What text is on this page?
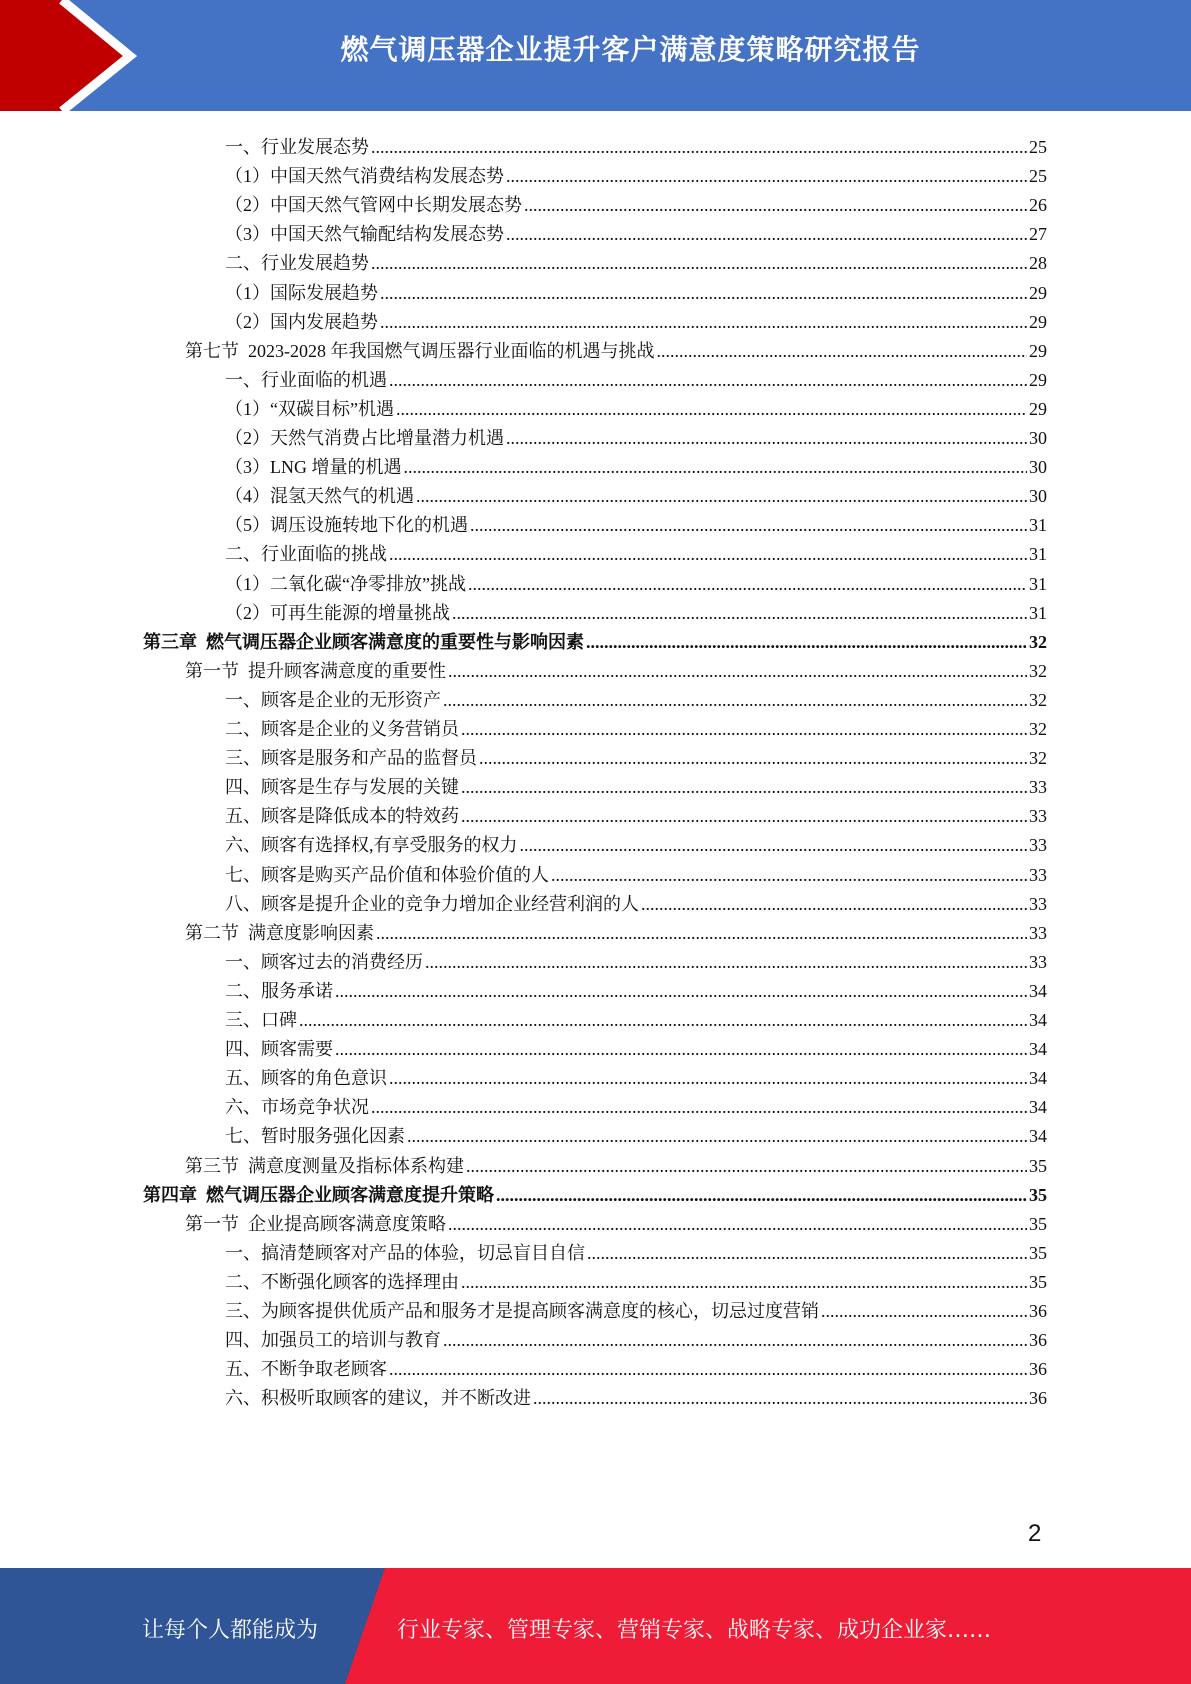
燃气调压器企业提升客户满意度策略研究报告
一、行业发展态势 .....	25
（1）中国天然气消费结构发展态势 .....	25
（2）中国天然气管网中长期发展态势 .....	26
（3）中国天然气输配结构发展态势 .....	27
二、行业发展趋势 .....	28
（1）国际发展趋势 .....	29
（2）国内发展趋势 .....	29
第七节  2023-2028 年我国燃气调压器行业面临的机遇与挑战 .....	29
一、行业面临的机遇 .....	29
（1）“双碳目标”机遇 .....	29
（2）天然气消费占比增量潜力机遇 .....	30
（3）LNG 增量的机遇 .....	30
（4）混氢天然气的机遇 .....	30
（5）调压设施转地下化的机遇 .....	31
二、行业面临的挑战 .....	31
（1）二氧化碳“净零排放”挑战 .....	31
（2）可再生能源的增量挑战 .....	31
第三章  燃气调压器企业顾客满意度的重要性与影响因素 .....	32
第一节  提升顾客满意度的重要性 .....	32
一、顾客是企业的无形资产 .....	32
二、顾客是企业的义务营销员 .....	32
三、顾客是服务和产品的监督员 .....	32
四、顾客是生存与发展的关键 .....	33
五、顾客是降低成本的特效药 .....	33
六、顾客有选择权,有享受服务的权力 .....	33
七、顾客是购买产品价值和体验价值的人 .....	33
八、顾客是提升企业的竞争力增加企业经营利润的人 .....	33
第二节  满意度影响因素 .....	33
一、顾客过去的消费经历 .....	33
二、服务承诺 .....	34
三、口碑 .....	34
四、顾客需要 .....	34
五、顾客的角色意识 .....	34
六、市场竞争状况 .....	34
七、暂时服务强化因素 .....	34
第三节  满意度测量及指标体系构建 .....	35
第四章  燃气调压器企业顾客满意度提升策略 .....	35
第一节  企业提高顾客满意度策略 .....	35
一、搞清楚顾客对产品的体验，切忌盲目自信 .....	35
二、不断强化顾客的选择理由 .....	35
三、为顾客提供优质产品和服务才是提高顾客满意度的核心，切忌过度营销 .....	36
四、加强员工的培训与教育 .....	36
五、不断争取老顾客 .....	36
六、积极听取顾客的建议，并不断改进 .....	36
2
让每个人都能成为	行业专家、管理专家、营销专家、战略专家、成功企业家……
